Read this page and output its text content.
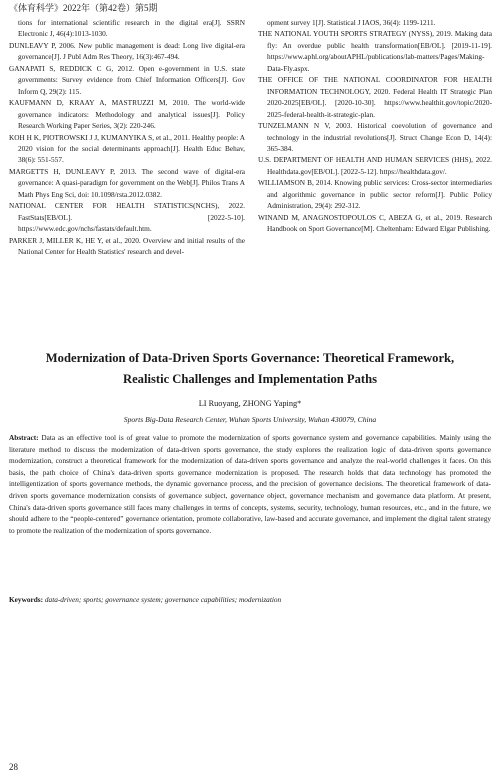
《体育科学》2022年（第42卷）第5期

tions for international scientific research in the digital era[J]. SSRN Electronic J, 46(4):1013-1030.

DUNLEAVY P, 2006. New public management is dead: Long live digital-era governance[J]. J Publ Adm Res Theory, 16(3):467-494.

GANAPATI S, REDDICK C G, 2012. Open e-government in U.S. state governments: Survey evidence from Chief Information Officers[J]. Gov Inform Q, 29(2): 115.

KAUFMANN D, KRAAY A, MASTRUZZI M, 2010. The world-wide governance indicators: Methodology and analytical issues[J]. Policy Research Working Paper Series, 3(2): 220-246.

KOH H K, PIOTROWSKI J J, KUMANYIKA S, et al., 2011. Healthy people: A 2020 vision for the social determinants approach[J]. Health Educ Behav, 38(6): 551-557.

MARGETTS H, DUNLEAVY P, 2013. The second wave of digital-era governance: A quasi-paradigm for government on the Web[J]. Philos Trans A Math Phys Eng Sci, doi: 10.1098/rsta.2012.0382.

NATIONAL CENTER FOR HEALTH STATISTICS(NCHS), 2022. FastStats[EB/OL]. [2022-5-10]. https://www.edc.gov/nchs/fastats/default.htm.

PARKER J, MILLER K, HE Y, et al., 2020. Overview and initial results of the National Center for Health Statistics' research and devel-

opment survey 1[J]. Statistical J IAOS, 36(4): 1199-1211.

THE NATIONAL YOUTH SPORTS STRATEGY (NYSS), 2019. Making data fly: An overdue public health transformation[EB/OL]. [2019-11-19]. https://www.aphl.org/aboutAPHL/publications/lab-matters/Pages/Making-Data-Fly.aspx.

THE OFFICE OF THE NATIONAL COORDINATOR FOR HEALTH INFORMATION TECHNOLOGY, 2020. Federal Health IT Strategic Plan 2020-2025[EB/OL]. [2020-10-30]. https://www.healthit.gov/topic/2020-2025-federal-health-it-strategic-plan.

TUNZELMANN N V, 2003. Historical coevolution of governance and technology in the industrial revolutions[J]. Struct Change Econ D, 14(4): 365-384.

U.S. DEPARTMENT OF HEALTH AND HUMAN SERVICES (HHS), 2022. Healthdata.gov[EB/OL]. [2022-5-12]. https://healthdata.gov/.

WILLIAMSON B, 2014. Knowing public services: Cross-sector intermediaries and algorithmic governance in public sector reform[J]. Public Policy Administration, 29(4): 292-312.

WINAND M, ANAGNOSTOPOULOS C, ABEZA G, et al., 2019. Research Handbook on Sport Governance[M]. Cheltenham: Edward Elgar Publishing.

Modernization of Data-Driven Sports Governance: Theoretical Framework,
Realistic Challenges and Implementation Paths
LI Ruoyang, ZHONG Yaping*
Sports Big-Data Research Center, Wuhan Sports University, Wuhan 430079, China

Abstract: Data as an effective tool is of great value to promote the modernization of sports governance system and governance capabilities. Mainly using the literature method to discuss the modernization of data-driven sports governance, the study explores the realization logic of data-driven sports governance modernization, construct a theoretical framework for the modernization of data-driven sports governance and analyze the real-world challenges it faces. On this basis, the path choice of China's data-driven sports governance modernization is proposed. The research holds that data technology has promoted the intelligentization of sports governance methods, the dynamic governance process, and the precision of governance decisions. The theoretical framework of data-driven sports governance modernization consists of governance subject, governance object, governance mechanism and governance data platform. At present, China's data-driven sports governance still faces many challenges in terms of concepts, systems, security, technology, human resources, etc., and in the future, we should adhere to the “people-centered” governance orientation, promote collaborative, law-based and accurate governance, and implement the digital talent strategy to promote the realization of the modernization of sports governance.

Keywords: data-driven; sports; governance system; governance capabilities; modernization

28
